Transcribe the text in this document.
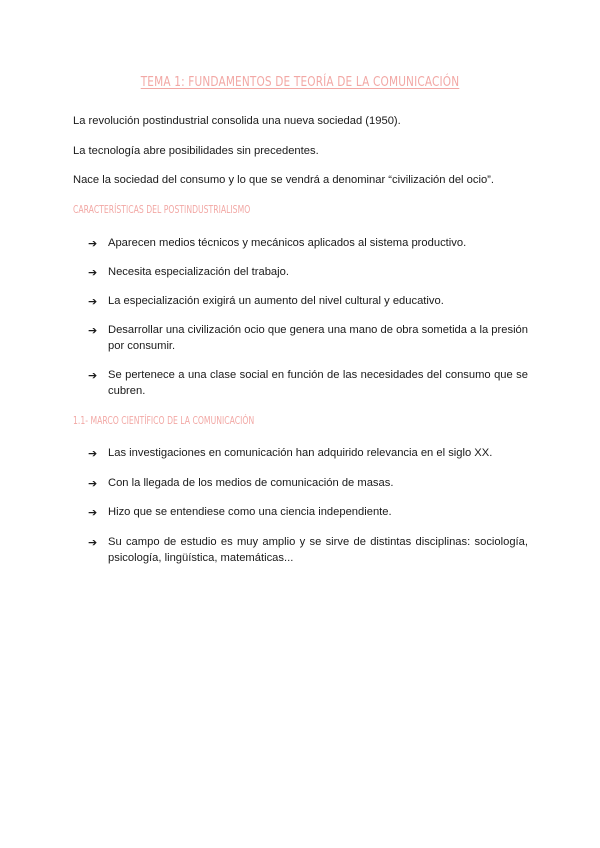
TEMA 1: FUNDAMENTOS DE TEORÍA DE LA COMUNICACIÓN
La revolución postindustrial consolida una nueva sociedad (1950).
La tecnología abre posibilidades sin precedentes.
Nace la sociedad del consumo y lo que se vendrá a denominar “civilización del ocio”.
CARACTERÍSTICAS DEL POSTINDUSTRIALISMO
➔ Aparecen medios técnicos y mecánicos aplicados al sistema productivo.
➔ Necesita especialización del trabajo.
➔ La especialización exigirá un aumento del nivel cultural y educativo.
➔ Desarrollar una civilización ocio que genera una mano de obra sometida a la presión por consumir.
➔ Se pertenece a una clase social en función de las necesidades del consumo que se cubren.
1.1- MARCO CIENTÍFICO DE LA COMUNICACIÓN
➔ Las investigaciones en comunicación han adquirido relevancia en el siglo XX.
➔ Con la llegada de los medios de comunicación de masas.
➔ Hizo que se entendiese como una ciencia independiente.
➔ Su campo de estudio es muy amplio y se sirve de distintas disciplinas: sociología, psicología, lingüística, matemáticas...
